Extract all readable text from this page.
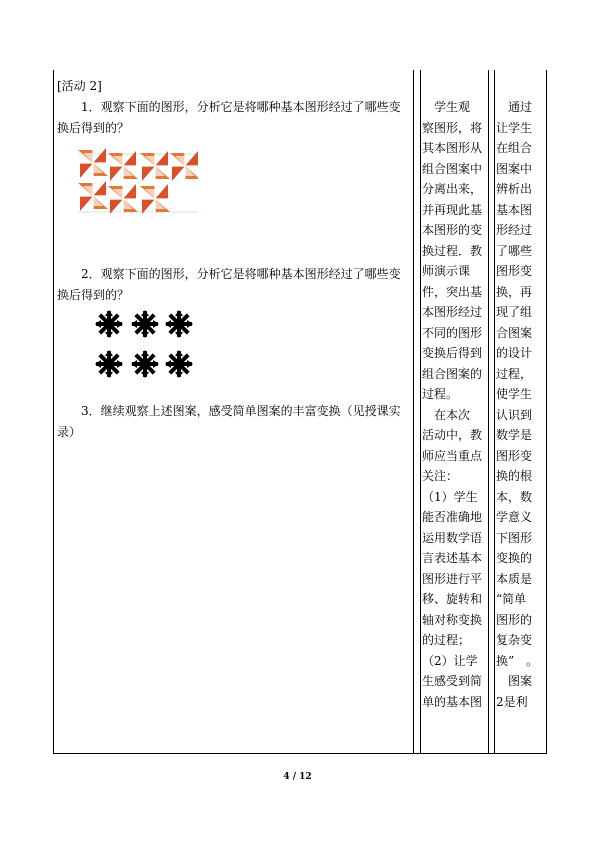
[活动 2]

1．观察下面的图形，分析它是将哪种基本图形经过了哪些变换后得到的？

2．观察下面的图形，分析它是将哪种基本图形经过了哪些变换后得到的？

3．继续观察上述图案，感受简单图案的丰富变换（见授课实录）

　学生观

察图形，将

其本图形从

组合图案中

分离出来，

并再现此基

本图形的变

换过程．教

师演示课

件，突出基

本图形经过

不同的图形

变换后得到

组合图案的

过程。

　在本次

活动中，教

师应当重点

关注：

（1）学生

能否准确地

运用数学语

言表述基本

图形进行平

移、旋转和

轴对称变换

的过程；

（2）让学

生感受到简

单的基本图

　通过

让学生

在组合

图案中

辨析出

基本图

形经过

了哪些

图形变

换，再

现了组

合图案

的设计

过程，

使学生

认识到

数学是

图形变

换的根

本，数

学意义

下图形

变换的

本质是

“简单

图形的

复杂变

换”　。

　图案

2是利

4 / 12
